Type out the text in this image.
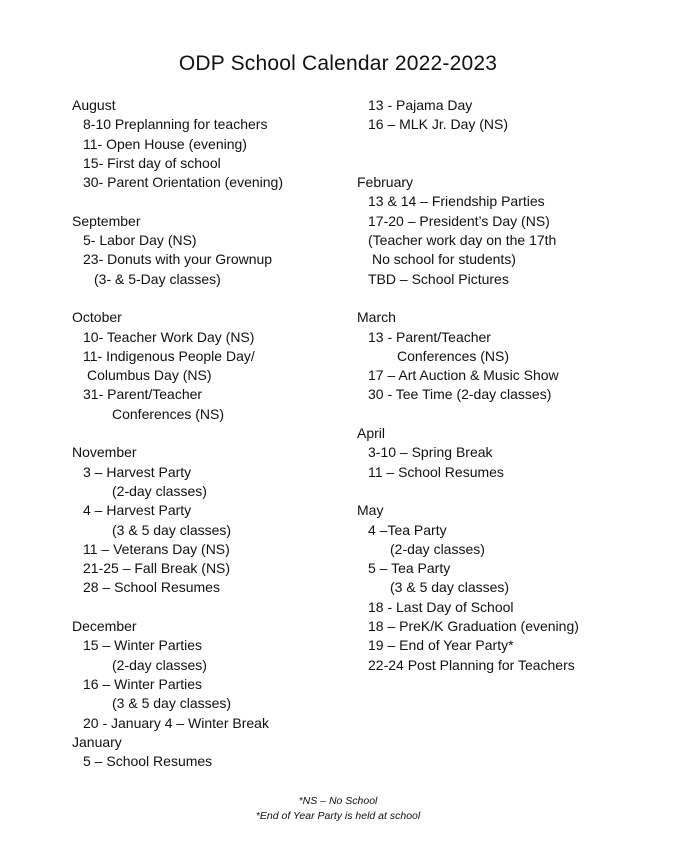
ODP School Calendar 2022-2023
August
8-10 Preplanning for teachers
11- Open House (evening)
15- First day of school
30- Parent Orientation (evening)
September
5- Labor Day (NS)
23- Donuts with your Grownup
(3- & 5-Day classes)
October
10- Teacher Work Day (NS)
11- Indigenous People Day/
Columbus Day (NS)
31- Parent/Teacher
Conferences (NS)
November
3 – Harvest Party
(2-day classes)
4 – Harvest Party
(3 & 5 day classes)
11 – Veterans Day (NS)
21-25 – Fall Break (NS)
28 – School Resumes
December
15 – Winter Parties
(2-day classes)
16 – Winter Parties
(3 & 5 day classes)
20 - January 4 – Winter Break
January
5 – School Resumes
13 - Pajama Day
16 – MLK Jr. Day (NS)
February
13 & 14 – Friendship Parties
17-20 – President’s Day (NS)
(Teacher work day on the 17th
No school for students)
TBD – School Pictures
March
13 - Parent/Teacher
Conferences (NS)
17 – Art Auction & Music Show
30 - Tee Time (2-day classes)
April
3-10 – Spring Break
11 – School Resumes
May
4 –Tea Party
(2-day classes)
5 – Tea Party
(3 & 5 day classes)
18 - Last Day of School
18 – PreK/K Graduation (evening)
19 – End of Year Party*
22-24 Post Planning for Teachers
*NS – No School
*End of Year Party is held at school
